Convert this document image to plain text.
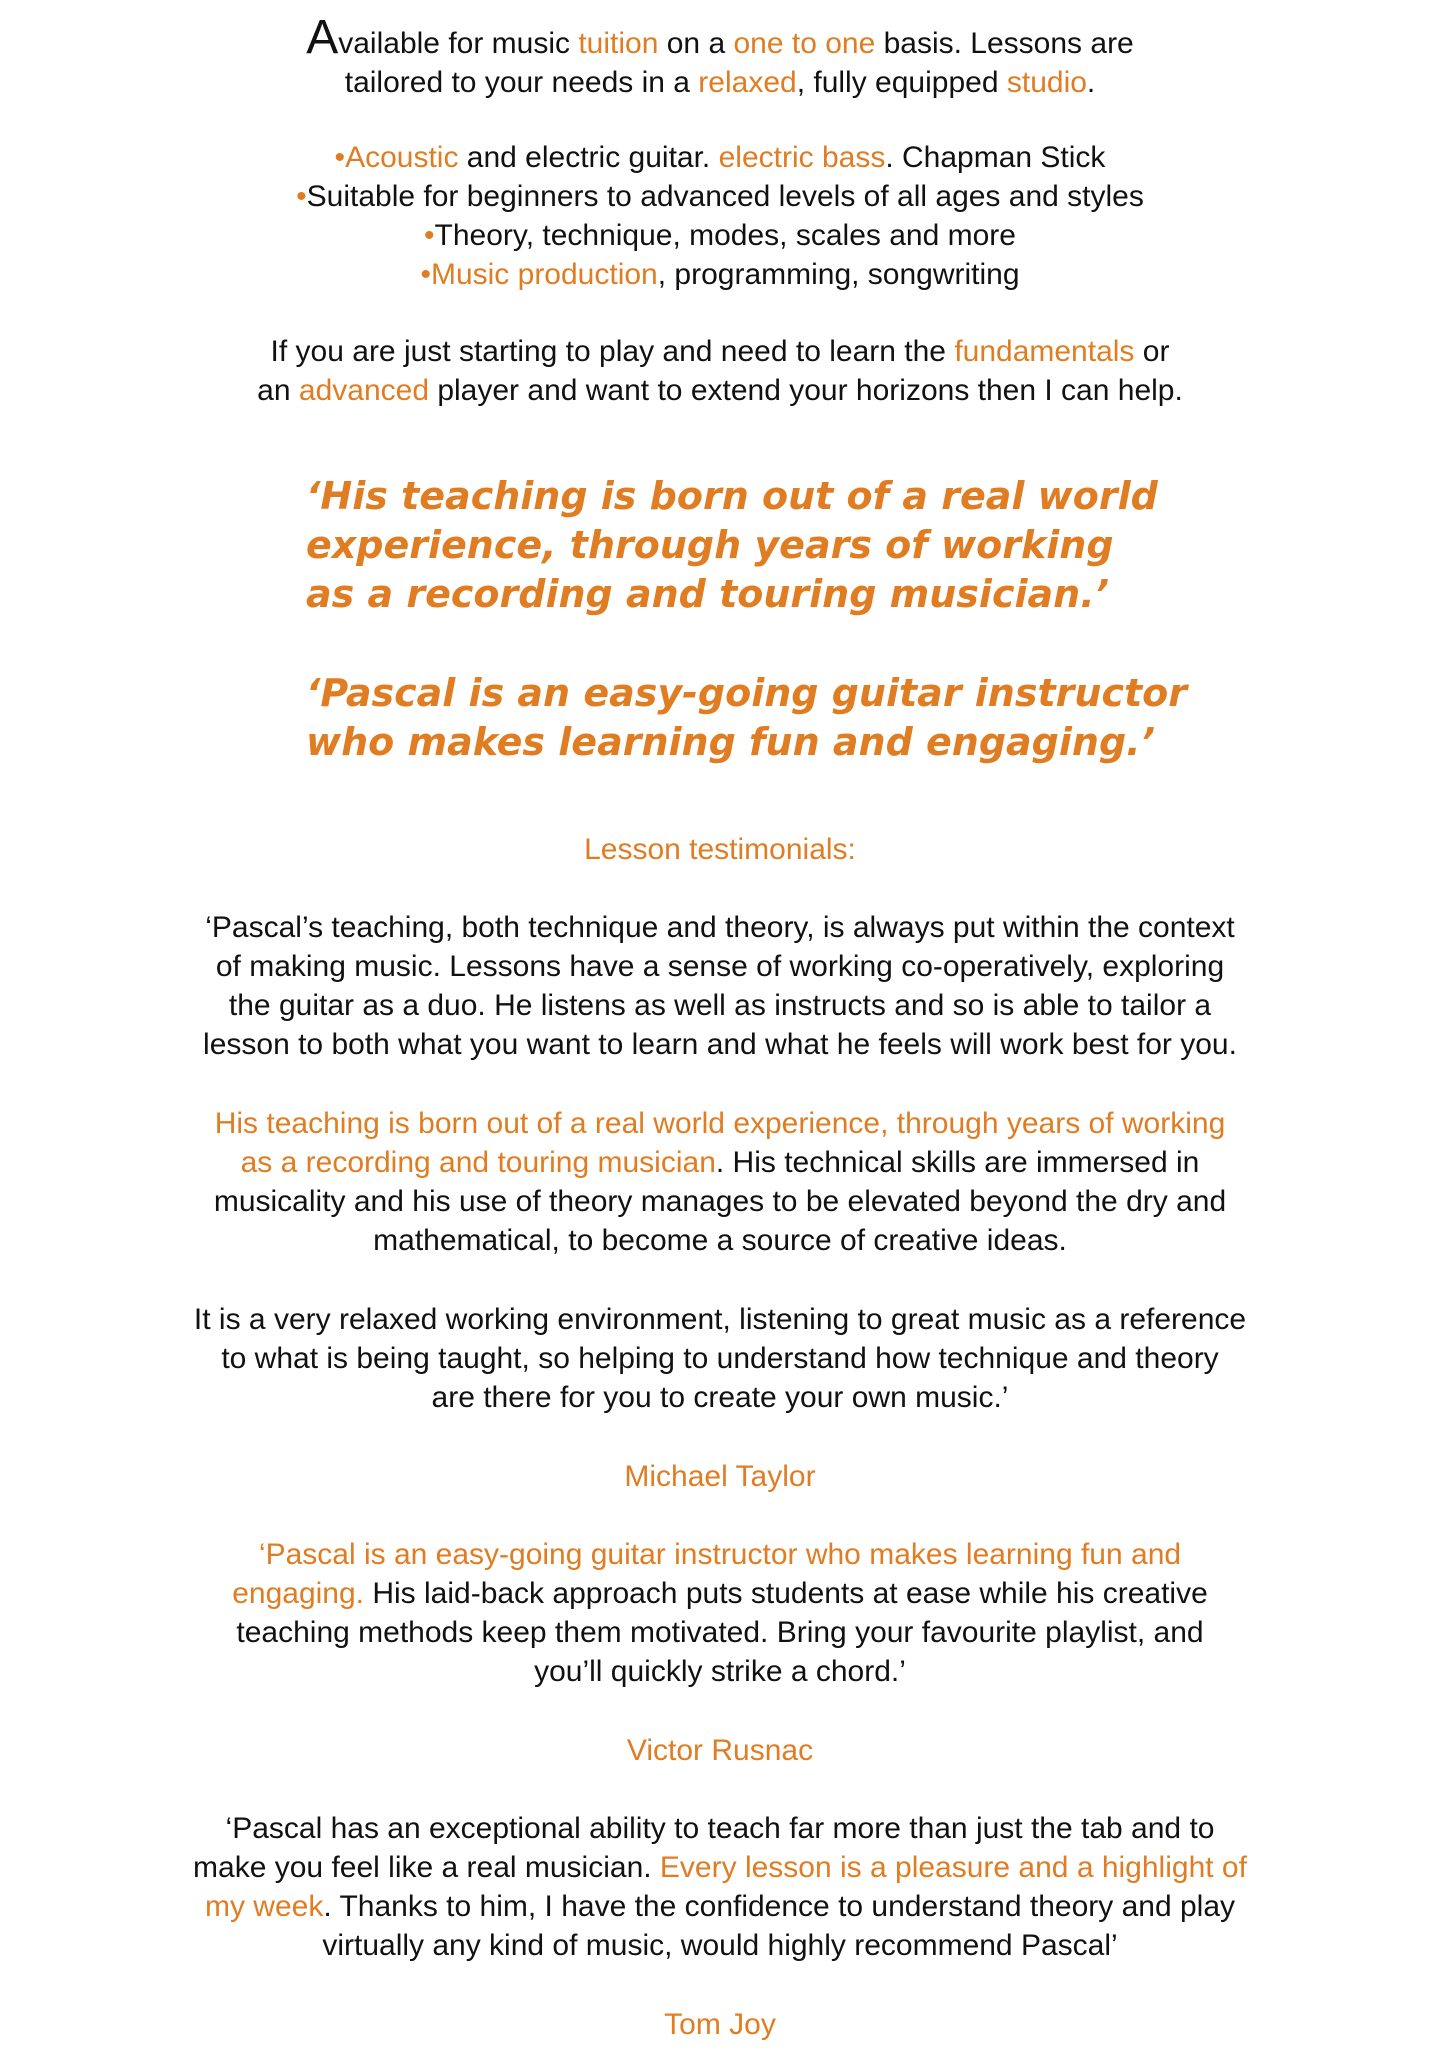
Available for music tuition on a one to one basis. Lessons are
tailored to your needs in a relaxed, fully equipped studio.
•Acoustic and electric guitar. electric bass. Chapman Stick
•Suitable for beginners to advanced levels of all ages and styles
•Theory, technique, modes, scales and more
•Music production, programming, songwriting
If you are just starting to play and need to learn the fundamentals or
an advanced player and want to extend your horizons then I can help.
‘His teaching is born out of a real world
experience, through years of working
as a recording and touring musician.’
‘Pascal is an easy-going guitar instructor
who makes learning fun and engaging.’
Lesson testimonials:
‘Pascal’s teaching, both technique and theory, is always put within the context
of making music. Lessons have a sense of working co-operatively, exploring
the guitar as a duo. He listens as well as instructs and so is able to tailor a
lesson to both what you want to learn and what he feels will work best for you.
His teaching is born out of a real world experience, through years of working
as a recording and touring musician. His technical skills are immersed in
musicality and his use of theory manages to be elevated beyond the dry and
mathematical, to become a source of creative ideas.
It is a very relaxed working environment, listening to great music as a reference
to what is being taught, so helping to understand how technique and theory
are there for you to create your own music.’
Michael Taylor
‘Pascal is an easy-going guitar instructor who makes learning fun and
engaging. His laid-back approach puts students at ease while his creative
teaching methods keep them motivated. Bring your favourite playlist, and
you’ll quickly strike a chord.’
Victor Rusnac
‘Pascal has an exceptional ability to teach far more than just the tab and to
make you feel like a real musician. Every lesson is a pleasure and a highlight of
my week. Thanks to him, I have the confidence to understand theory and play
virtually any kind of music, would highly recommend Pascal’
Tom Joy
